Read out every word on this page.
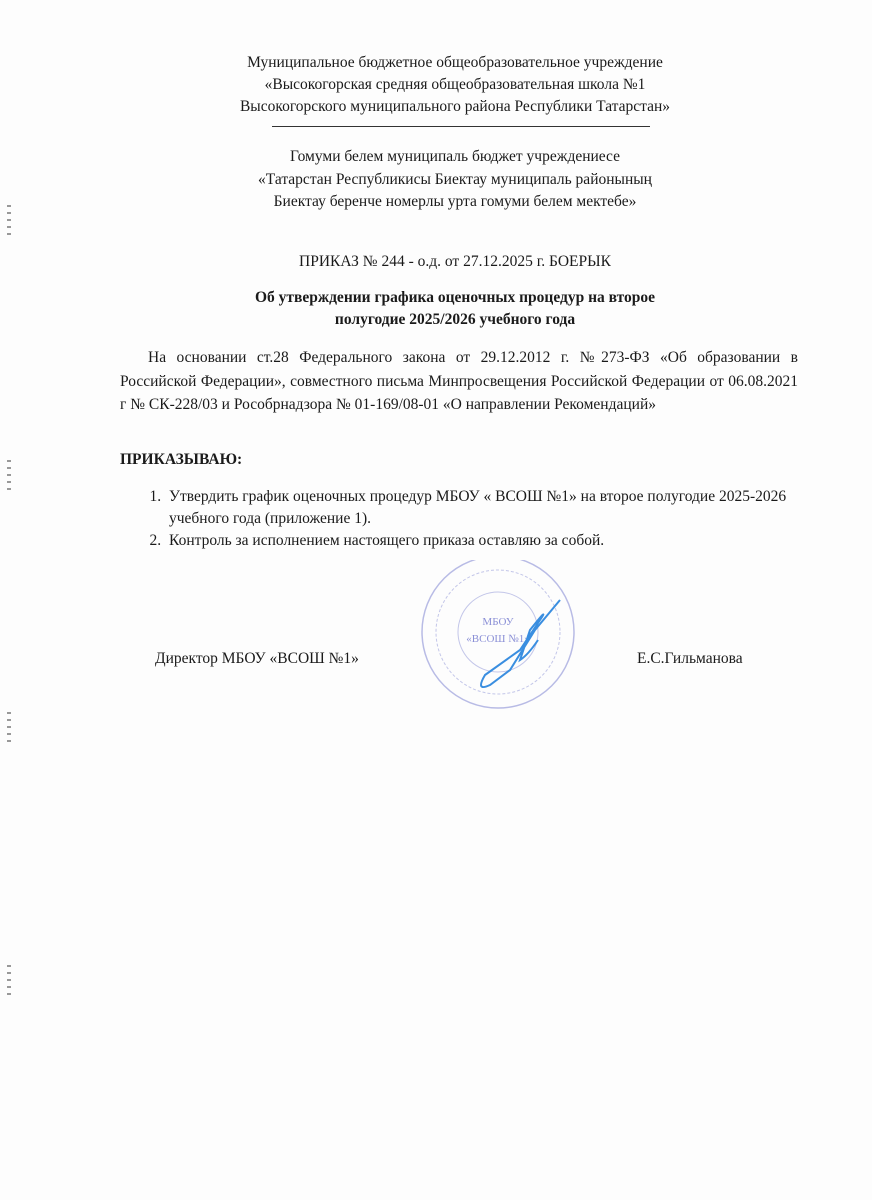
Муниципальное бюджетное общеобразовательное учреждение
«Высокогорская средняя общеобразовательная школа №1
Высокогорского муниципального района Республики Татарстан»
Гомуми белем муниципаль бюджет учреждениесе
«Татарстан Республикисы Биектау муниципаль районының
Биектау беренче номерлы урта гомуми белем мектебе»
ПРИКАЗ № 244 - о.д. от 27.12.2025 г. БОЕРЫК
Об утверждении графика оценочных процедур на второе
полугодие 2025/2026 учебного года
На основании ст.28 Федерального закона от 29.12.2012 г. №273-ФЗ «Об образовании в Российской Федерации», совместного письма Минпросвещения Российской Федерации от 06.08.2021 г № СК-228/03 и Рособрнадзора № 01-169/08-01 «О направлении Рекомендаций»
ПРИКАЗЫВАЮ:
1. Утвердить график оценочных процедур МБОУ « ВСОШ №1» на второе полугодие 2025-2026 учебного года (приложение 1).
2. Контроль за исполнением настоящего приказа оставляю за собой.
Директор МБОУ «ВСОШ №1»	Е.С.Гильманова
МБОУ
«ВСОШ №1»
